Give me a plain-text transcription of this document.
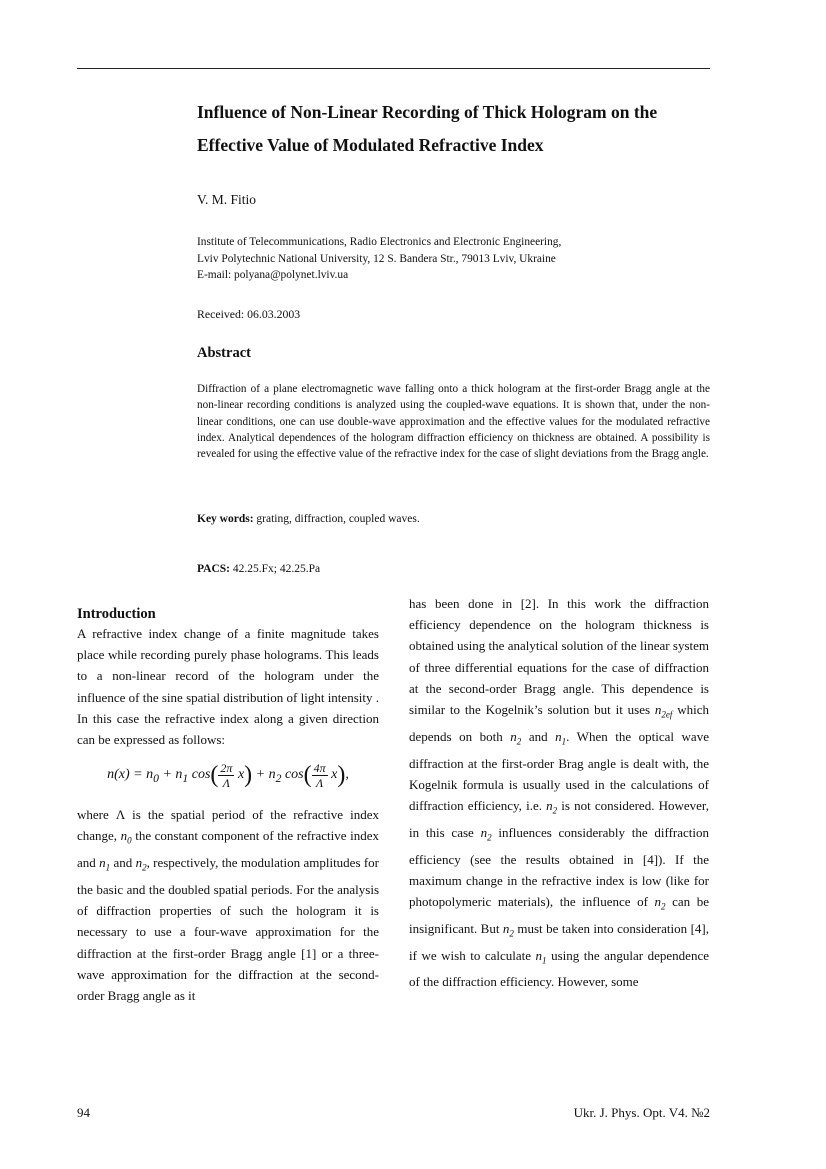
Influence of Non-Linear Recording of Thick Hologram on the Effective Value of Modulated Refractive Index
V. M. Fitio
Institute of Telecommunications, Radio Electronics and Electronic Engineering,
Lviv Polytechnic National University, 12 S. Bandera Str., 79013 Lviv, Ukraine
E-mail: polyana@polynet.lviv.ua
Received: 06.03.2003
Abstract

Diffraction of a plane electromagnetic wave falling onto a thick hologram at the first-order Bragg angle at the non-linear recording conditions is analyzed using the coupled-wave equations. It is shown that, under the non-linear conditions, one can use double-wave approximation and the effective values for the modulated refractive index. Analytical dependences of the hologram diffraction efficiency on thickness are obtained. A possibility is revealed for using the effective value of the refractive index for the case of slight deviations from the Bragg angle.

Key words: grating, diffraction, coupled waves.
PACS: 42.25.Fx; 42.25.Pa
Introduction

A refractive index change of a finite magnitude takes place while recording purely phase holograms. This leads to a non-linear record of the hologram under the influence of the sine spatial distribution of light intensity . In this case the refractive index along a given direction can be expressed as follows:

$n(x) = n_0 + n_1$ $\cos( \frac{2\pi}{\Lambda} x) + n_2$ $\cos( \frac{4\pi}{\Lambda} x)$,

where Λ is the spatial period of the refractive index change, $n_0$ the constant component of the refractive index and $n_1$ and $n_2$, respectively, the modulation amplitudes for the basic and the doubled spatial periods. For the analysis of diffraction properties of such the hologram it is necessary to use a four-wave approximation for the diffraction at the first-order Bragg angle [1] or a three-wave approximation for the diffraction at the second-order Bragg angle as it

has been done in [2]. In this work the diffraction efficiency dependence on the hologram thickness is obtained using the analytical solution of the linear system of three differential equations for the case of diffraction at the second-order Bragg angle. This dependence is similar to the Kogelnik’s solution but it uses $n_{2ef}$ which depends on both $n_2$ and $n_1$. When the optical wave diffraction at the first-order Brag angle is dealt with, the Kogelnik formula is usually used in the calculations of diffraction efficiency, i.e. $n_2$ is not considered. However, in this case $n_2$ influences considerably the diffraction efficiency (see the results obtained in [4]). If the maximum change in the refractive index is low (like for photopolymeric materials), the influence of $n_2$ can be insignificant. But $n_2$ must be taken into consideration [4], if we wish to calculate $n_1$ using the angular dependence of the diffraction efficiency. However, some

94	Ukr. J. Phys. Opt. V4. №2
